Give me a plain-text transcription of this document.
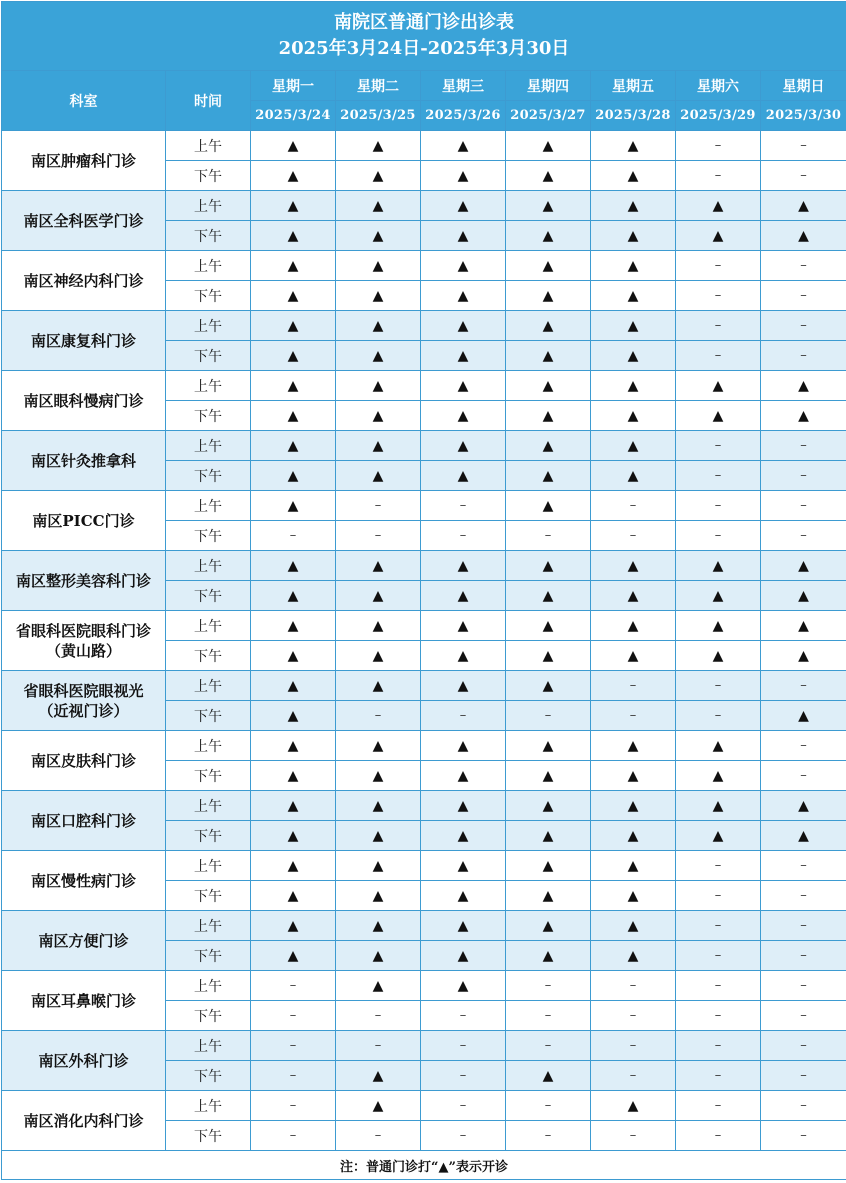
南院区普通门诊出诊表
2025年3月24日-2025年3月30日								

科室	时间	星期一	星期二	星期三	星期四	星期五	星期六	星期日
		2025/3/24	2025/3/25	2025/3/26	2025/3/27	2025/3/28	2025/3/29	2025/3/30

南区肿瘤科门诊	上午	▲	▲	▲	▲	▲	–	–
	下午	▲	▲	▲	▲	▲	–	–

南区全科医学门诊	上午	▲	▲	▲	▲	▲	▲	▲
	下午	▲	▲	▲	▲	▲	▲	▲

南区神经内科门诊	上午	▲	▲	▲	▲	▲	–	–
	下午	▲	▲	▲	▲	▲	–	–

南区康复科门诊	上午	▲	▲	▲	▲	▲	–	–
	下午	▲	▲	▲	▲	▲	–	–

南区眼科慢病门诊	上午	▲	▲	▲	▲	▲	▲	▲
	下午	▲	▲	▲	▲	▲	▲	▲

南区针灸推拿科	上午	▲	▲	▲	▲	▲	–	–
	下午	▲	▲	▲	▲	▲	–	–

南区PICC门诊	上午	▲	–	–	▲	–	–	–
	下午	–	–	–	–	–	–	–

南区整形美容科门诊	上午	▲	▲	▲	▲	▲	▲	▲
	下午	▲	▲	▲	▲	▲	▲	▲

省眼科医院眼科门诊
（黄山路）	上午	▲	▲	▲	▲	▲	▲	▲
	下午	▲	▲	▲	▲	▲	▲	▲

省眼科医院眼视光
（近视门诊）	上午	▲	▲	▲	▲	–	–	–
	下午	▲	–	–	–	–	–	▲

南区皮肤科门诊	上午	▲	▲	▲	▲	▲	▲	–
	下午	▲	▲	▲	▲	▲	▲	–

南区口腔科门诊	上午	▲	▲	▲	▲	▲	▲	▲
	下午	▲	▲	▲	▲	▲	▲	▲

南区慢性病门诊	上午	▲	▲	▲	▲	▲	–	–
	下午	▲	▲	▲	▲	▲	–	–

南区方便门诊	上午	▲	▲	▲	▲	▲	–	–
	下午	▲	▲	▲	▲	▲	–	–

南区耳鼻喉门诊	上午	–	▲	▲	–	–	–	–
	下午	–	–	–	–	–	–	–

南区外科门诊	上午	–	–	–	–	–	–	–
	下午	–	▲	–	▲	–	–	–

南区消化内科门诊	上午	–	▲	–	–	▲	–	–
	下午	–	–	–	–	–	–	–
注：普通门诊打“▲”表示开诊								
